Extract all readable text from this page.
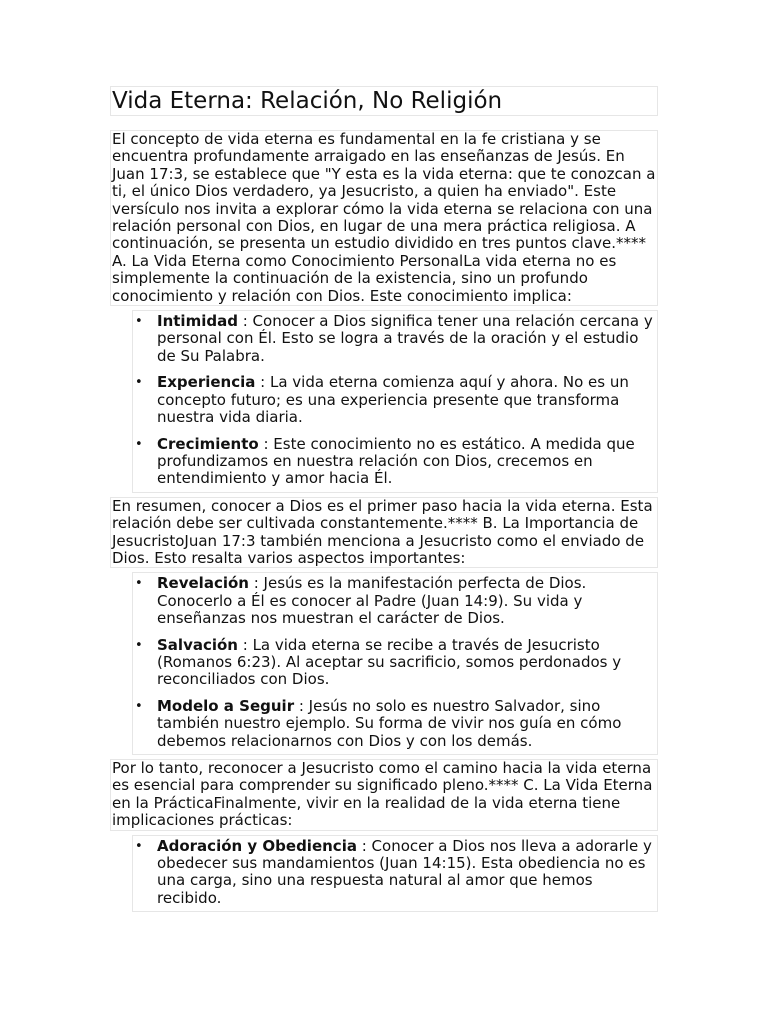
Vida Eterna: Relación, No Religión

El concepto de vida eterna es fundamental en la fe cristiana y se encuentra profundamente arraigado en las enseñanzas de Jesús. En Juan 17:3, se establece que "Y esta es la vida eterna: que te conozcan a ti, el único Dios verdadero, ya Jesucristo, a quien ha enviado". Este versículo nos invita a explorar cómo la vida eterna se relaciona con una relación personal con Dios, en lugar de una mera práctica religiosa. A continuación, se presenta un estudio dividido en tres puntos clave.**** A. La Vida Eterna como Conocimiento PersonalLa vida eterna no es simplemente la continuación de la existencia, sino un profundo conocimiento y relación con Dios. Este conocimiento implica:

• Intimidad : Conocer a Dios significa tener una relación cercana y personal con Él. Esto se logra a través de la oración y el estudio de Su Palabra.
• Experiencia : La vida eterna comienza aquí y ahora. No es un concepto futuro; es una experiencia presente que transforma nuestra vida diaria.
• Crecimiento : Este conocimiento no es estático. A medida que profundizamos en nuestra relación con Dios, crecemos en entendimiento y amor hacia Él.

En resumen, conocer a Dios es el primer paso hacia la vida eterna. Esta relación debe ser cultivada constantemente.**** B. La Importancia de JesucristoJuan 17:3 también menciona a Jesucristo como el enviado de Dios. Esto resalta varios aspectos importantes:

• Revelación : Jesús es la manifestación perfecta de Dios. Conocerlo a Él es conocer al Padre (Juan 14:9). Su vida y enseñanzas nos muestran el carácter de Dios.
• Salvación : La vida eterna se recibe a través de Jesucristo (Romanos 6:23). Al aceptar su sacrificio, somos perdonados y reconciliados con Dios.
• Modelo a Seguir : Jesús no solo es nuestro Salvador, sino también nuestro ejemplo. Su forma de vivir nos guía en cómo debemos relacionarnos con Dios y con los demás.

Por lo tanto, reconocer a Jesucristo como el camino hacia la vida eterna es esencial para comprender su significado pleno.**** C. La Vida Eterna en la PrácticaFinalmente, vivir en la realidad de la vida eterna tiene implicaciones prácticas:

• Adoración y Obediencia : Conocer a Dios nos lleva a adorarle y obedecer sus mandamientos (Juan 14:15). Esta obediencia no es una carga, sino una respuesta natural al amor que hemos recibido.
